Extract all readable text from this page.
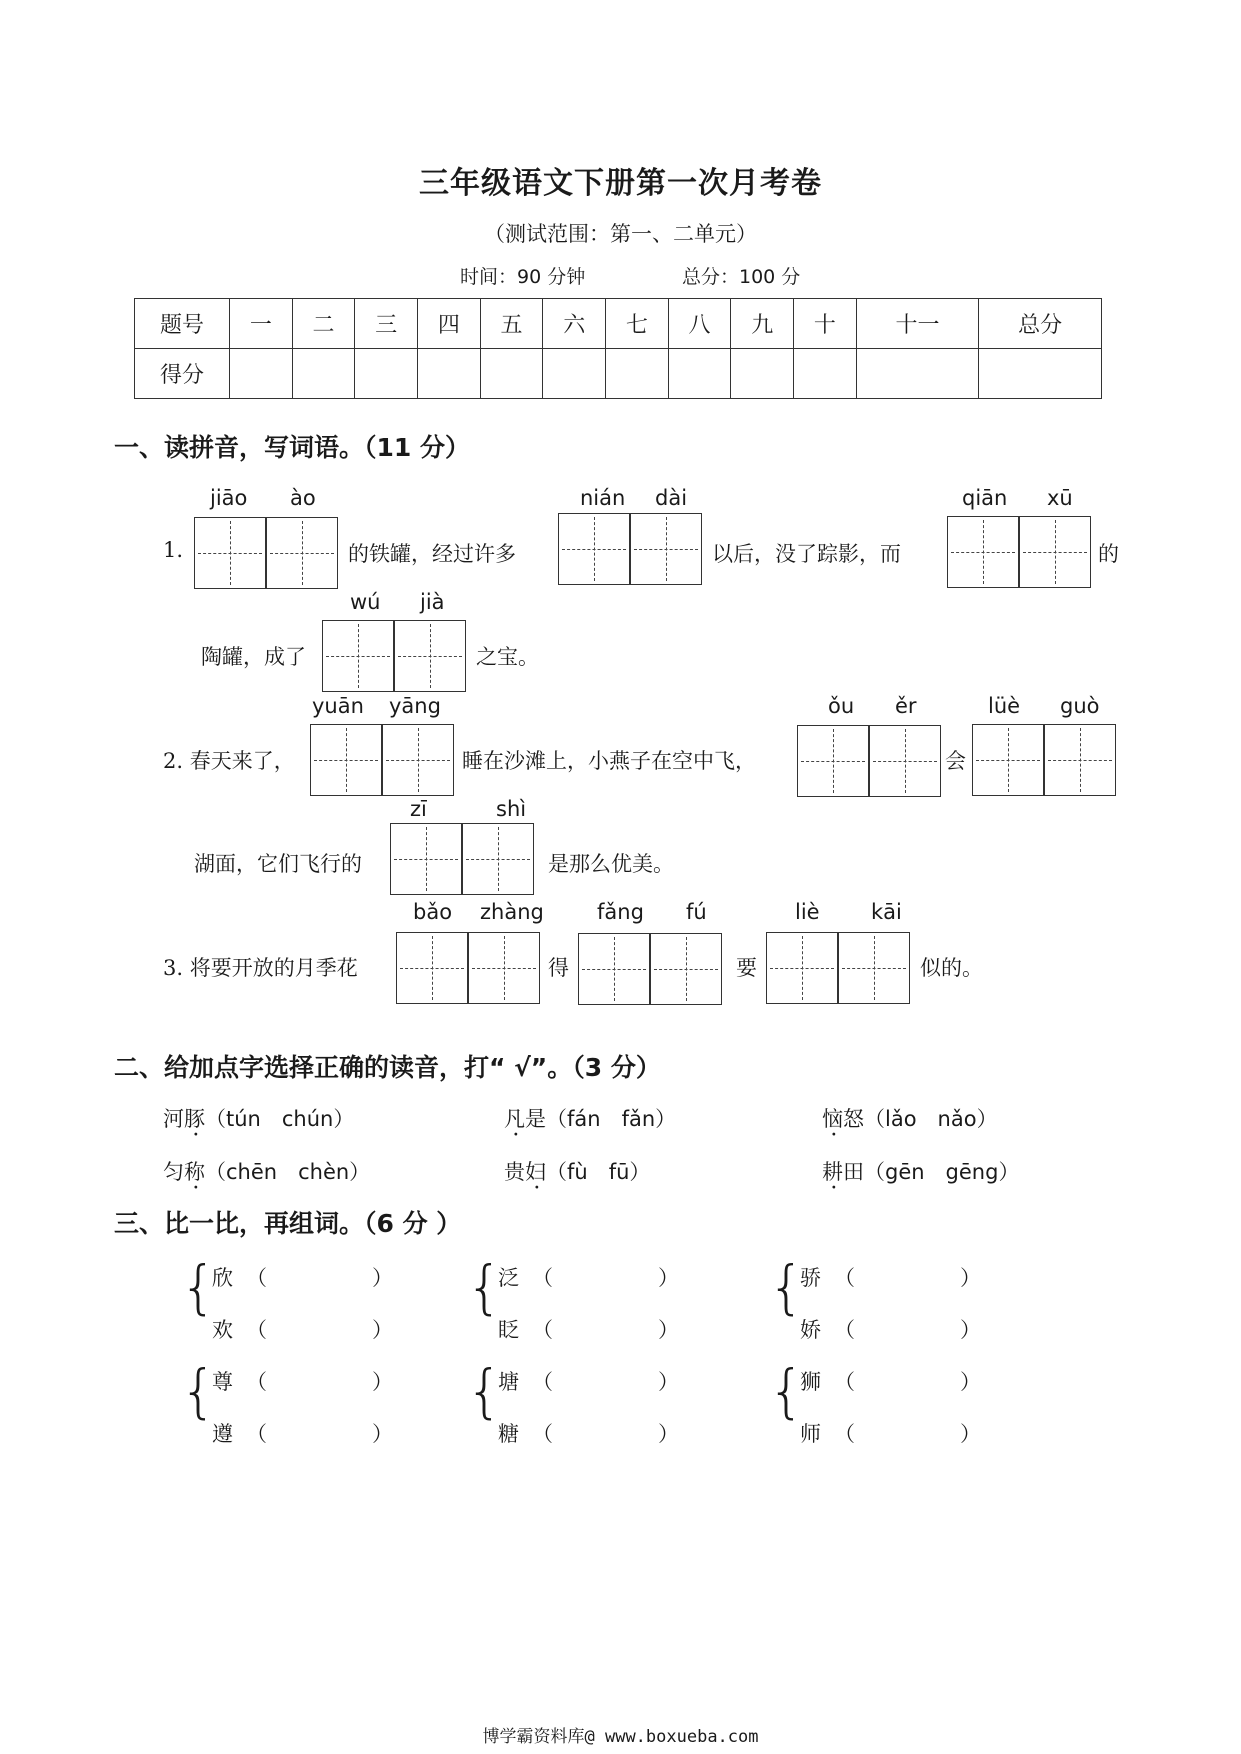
三年级语文下册第一次月考卷
（测试范围：第一、二单元）
时间：90 分钟	总分：100 分
题号	一	二	三	四	五	六	七	八	九	十	十一	总分
得分												
一、读拼音，写词语。（11 分）
1.
jiāo ào
的铁罐，经过许多
nián dài
以后，没了踪影，而
qiān xū
的
陶罐，成了
wú jià
之宝。
2. 春天来了，
yuān yāng
睡在沙滩上，小燕子在空中飞，
ǒu ěr
会
lüè guò
湖面，它们飞行的
zī	shì
是那么优美。
3. 将要开放的月季花
bǎo zhàng
得
fǎng fú
要
liè kāi
似的。
二、给加点字选择正确的读音，打“ √”。（3 分）
河豚（tún　chún）	凡是（fán　fǎn）	恼怒（lǎo　nǎo）
匀称（chēn　chèn）	贵妇（fù　fū）	耕田（gēn　gēng）
三、比一比，再组词。（6 分 ）
{
欣 （	）
欢 （	）
{
泛 （	）
眨 （	）
{
骄 （	）
娇 （	）
{
尊 （	）
遵 （	）
{
塘 （	）
糖 （	）
{
狮 （	）
师 （	）
博学霸资料库@ www.boxueba.com
